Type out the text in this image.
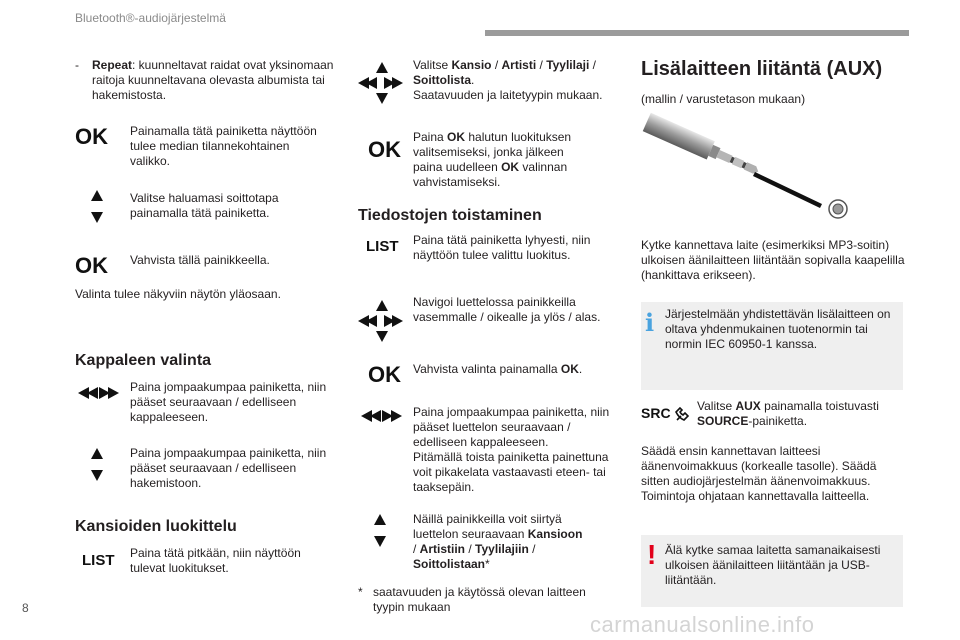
Bluetooth®-audiojärjestelmä
-	Repeat: kuunneltavat raidat ovat yksinomaan raitoja kuunneltavana olevasta albumista tai hakemistosta.
OK Painamalla tätä painiketta näyttöön tulee median tilannekohtainen valikko.
Valitse haluamasi soittotapa painamalla tätä painiketta.
OK Vahvista tällä painikkeella.
Valinta tulee näkyviin näytön yläosaan.
Kappaleen valinta
Paina jompaakumpaa painiketta, niin pääset seuraavaan / edelliseen kappaleeseen.
Paina jompaakumpaa painiketta, niin pääset seuraavaan / edelliseen hakemistoon.
Kansioiden luokittelu
LIST Paina tätä pitkään, niin näyttöön tulevat luokitukset.
Valitse Kansio / Artisti / Tyylilaji / Soittolista.
Saatavuuden ja laitetyypin mukaan.
OK Paina OK halutun luokituksen valitsemiseksi, jonka jälkeen paina uudelleen OK valinnan vahvistamiseksi.
Tiedostojen toistaminen
LIST Paina tätä painiketta lyhyesti, niin näyttöön tulee valittu luokitus.
Navigoi luettelossa painikkeilla vasemmalle / oikealle ja ylös / alas.
OK Vahvista valinta painamalla OK.
Paina jompaakumpaa painiketta, niin pääset luettelon seuraavaan / edelliseen kappaleeseen.
Pitämällä toista painiketta painettuna voit pikakelata vastaavasti eteen- tai taaksepäin.
Näillä painikkeilla voit siirtyä luettelon seuraavaan Kansioon
/ Artistiin / Tyylilajiin /
Soittolistaan*
* saatavuuden ja käytössä olevan laitteen tyypin mukaan
Lisälaitteen liitäntä (AUX)
(mallin / varustetason mukaan)
Kytke kannettava laite (esimerkiksi MP3-soitin) ulkoisen äänilaitteen liitäntään sopivalla kaapelilla (hankittava erikseen).
i Järjestelmään yhdistettävän lisälaitteen on oltava yhdenmukainen tuotenormin tai normin IEC 60950-1 kanssa.
SRC	Valitse AUX painamalla toistuvasti SOURCE-painiketta.
Säädä ensin kannettavan laitteesi äänenvoimakkuus (korkealle tasolle). Säädä sitten audiojärjestelmän äänenvoimakkuus. Toimintoja ohjataan kannettavalla laitteella.
! Älä kytke samaa laitetta samanaikaisesti ulkoisen äänilaitteen liitäntään ja USB-liitäntään.
8
carmanualsonline.info
